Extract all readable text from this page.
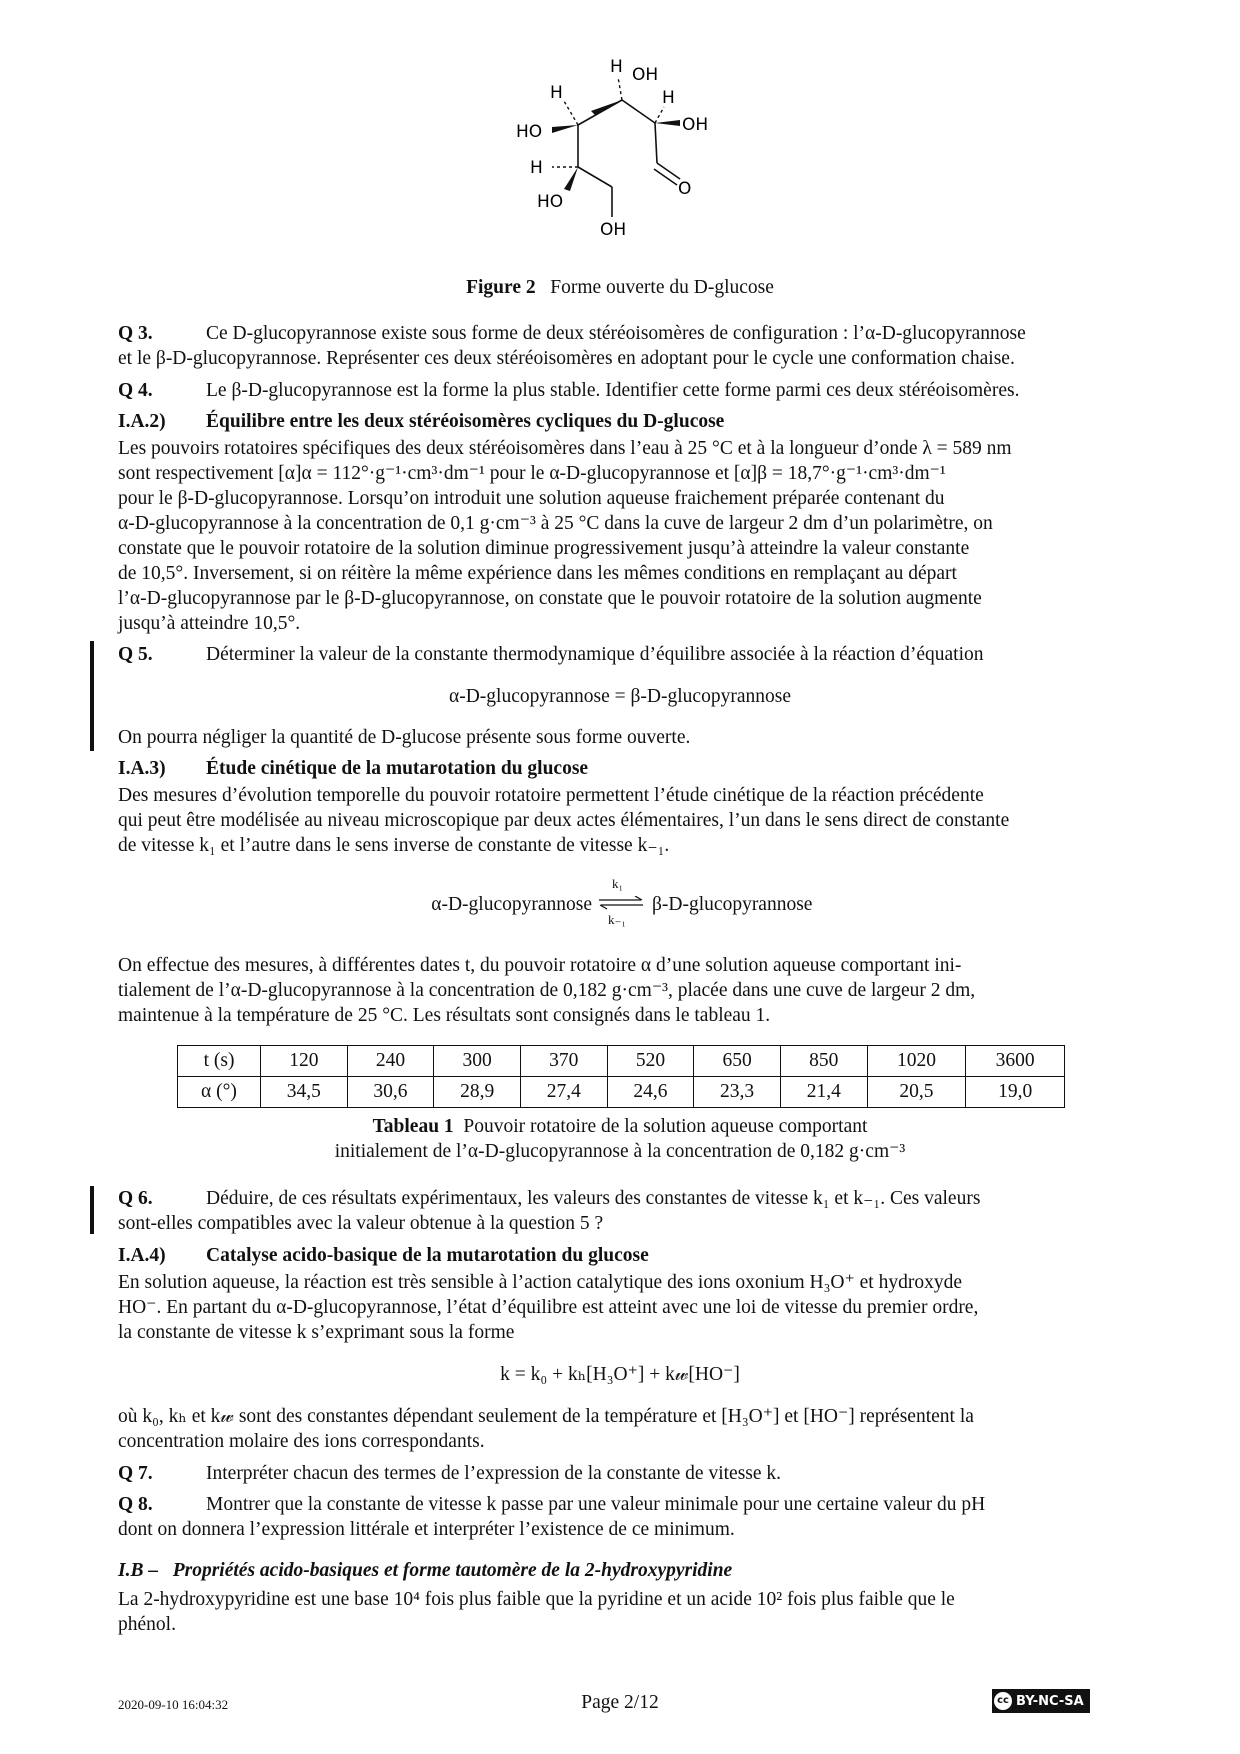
H OH
H	H
HO	OH
H
O
HO
OH
Figure 2 Forme ouverte du D-glucose
Q 3.	Ce D-glucopyrannose existe sous forme de deux stéréoisomères de configuration : l’α-D-glucopyrannose
et le β-D-glucopyrannose. Représenter ces deux stéréoisomères en adoptant pour le cycle une conformation chaise.
Q 4.	Le β-D-glucopyrannose est la forme la plus stable. Identifier cette forme parmi ces deux stéréoisomères.
I.A.2) Équilibre entre les deux stéréoisomères cycliques du D-glucose
Les pouvoirs rotatoires spécifiques des deux stéréoisomères dans l’eau à 25 °C et à la longueur d’onde λ = 589 nm
sont respectivement [α]α = 112°·g⁻¹·cm³·dm⁻¹ pour le α-D-glucopyrannose et [α]β = 18,7°·g⁻¹·cm³·dm⁻¹
pour le β-D-glucopyrannose. Lorsqu’on introduit une solution aqueuse fraichement préparée contenant du
α-D-glucopyrannose à la concentration de 0,1 g·cm⁻³ à 25 °C dans la cuve de largeur 2 dm d’un polarimètre, on
constate que le pouvoir rotatoire de la solution diminue progressivement jusqu’à atteindre la valeur constante
de 10,5°. Inversement, si on réitère la même expérience dans les mêmes conditions en remplaçant au départ
l’α-D-glucopyrannose par le β-D-glucopyrannose, on constate que le pouvoir rotatoire de la solution augmente
jusqu’à atteindre 10,5°.
Q 5.	Déterminer la valeur de la constante thermodynamique d’équilibre associée à la réaction d’équation
α-D-glucopyrannose = β-D-glucopyrannose
On pourra négliger la quantité de D-glucose présente sous forme ouverte.
I.A.3) Étude cinétique de la mutarotation du glucose
Des mesures d’évolution temporelle du pouvoir rotatoire permettent l’étude cinétique de la réaction précédente
qui peut être modélisée au niveau microscopique par deux actes élémentaires, l’un dans le sens direct de constante
de vitesse k₁ et l’autre dans le sens inverse de constante de vitesse k₋₁.
α-D-glucopyrannose
k₁
k₋₁
β-D-glucopyrannose
On effectue des mesures, à différentes dates t, du pouvoir rotatoire α d’une solution aqueuse comportant ini-
tialement de l’α-D-glucopyrannose à la concentration de 0,182 g·cm⁻³, placée dans une cuve de largeur 2 dm,
maintenue à la température de 25 °C. Les résultats sont consignés dans le tableau 1.
t (s)	120	240	300	370	520	650	850	1020	3600
α (°)	34,5	30,6	28,9	27,4	24,6	23,3	21,4	20,5	19,0
Tableau 1 Pouvoir rotatoire de la solution aqueuse comportant
initialement de l’α-D-glucopyrannose à la concentration de 0,182 g·cm⁻³
Q 6.	Déduire, de ces résultats expérimentaux, les valeurs des constantes de vitesse k₁ et k₋₁. Ces valeurs
sont-elles compatibles avec la valeur obtenue à la question 5 ?
I.A.4) Catalyse acido-basique de la mutarotation du glucose
En solution aqueuse, la réaction est très sensible à l’action catalytique des ions oxonium H₃O⁺ et hydroxyde
HO⁻. En partant du α-D-glucopyrannose, l’état d’équilibre est atteint avec une loi de vitesse du premier ordre,
la constante de vitesse k s’exprimant sous la forme
k = k₀ + kₕ[H₃O⁺] + k𝓌[HO⁻]
où k₀, kₕ et k𝓌 sont des constantes dépendant seulement de la température et [H₃O⁺] et [HO⁻] représentent la
concentration molaire des ions correspondants.
Q 7.	Interpréter chacun des termes de l’expression de la constante de vitesse k.
Q 8.	Montrer que la constante de vitesse k passe par une valeur minimale pour une certaine valeur du pH
dont on donnera l’expression littérale et interpréter l’existence de ce minimum.
I.B –   Propriétés acido-basiques et forme tautomère de la 2-hydroxypyridine
La 2-hydroxypyridine est une base 10⁴ fois plus faible que la pyridine et un acide 10² fois plus faible que le
phénol.
2020-09-10 16:04:32	Page 2/12	cc BY-NC-SA
